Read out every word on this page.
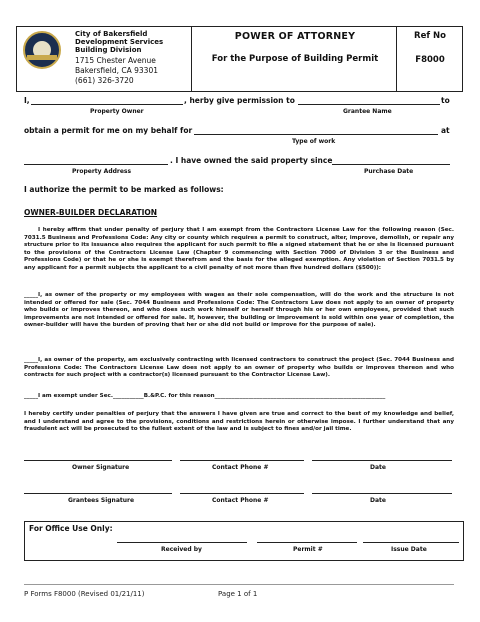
City of Bakersfield
Development Services
Building Division
1715 Chester Avenue
Bakersfield, CA 93301
(661) 326-3720
POWER OF ATTORNEY
For the Purpose of Building Permit
Ref No
F8000
I,	, herby give permission to	to
Property Owner	Grantee Name
obtain a permit for me on my behalf for	at
Type of work
. I have owned the said property since
Property Address	Purchase Date
I authorize the permit to be marked as follows:
OWNER-BUILDER DECLARATION
I hereby affirm that under penalty of perjury that I am exempt from the Contractors License Law for the following reason (Sec. 7031.5 Business and Professions Code: Any city or county which requires a permit to construct, alter, improve, demolish, or repair any structure prior to its issuance also requires the applicant for such permit to file a signed statement that he or she is licensed pursuant to the provisions of the Contractors License Law (Chapter 9 commencing with Section 7000 of Division 3 or the Business and Professions Code) or that he or she is exempt therefrom and the basis for the alleged exemption. Any violation of Section 7031.5 by any applicant for a permit subjects the applicant to a civil penalty of not more than five hundred dollars ($500)):
_____I, as owner of the property or my employees with wages as their sole compensation, will do the work and the structure is not intended or offered for sale (Sec. 7044 Business and Professions Code: The Contractors Law does not apply to an owner of property who builds or improves thereon, and who does such work himself or herself through his or her own employees, provided that such improvements are not intended or offered for sale. If, however, the building or improvement is sold within one year of completion, the owner-builder will have the burden of proving that her or she did not build or improve for the purpose of sale).
_____I, as owner of the property, am exclusively contracting with licensed contractors to construct the project (Sec. 7044 Business and Professions Code: The Contractors License Law does not apply to an owner of property who builds or improves thereon and who contracts for such project with a contractor(s) licensed pursuant to the Contractor License Law).
_____I am exempt under Sec.___________B.&P.C. for this reason_____________________________________________________________
I hereby certify under penalties of perjury that the answers I have given are true and correct to the best of my knowledge and belief, and I understand and agree to the provisions, conditions and restrictions herein or otherwise impose. I further understand that any fraudulent act will be prosecuted to the fullest extent of the law and is subject to fines and/or jail time.
Owner Signature	Contact Phone #	Date
Grantees Signature	Contact Phone #	Date
For Office Use Only:
Received by	Permit #	Issue Date
P Forms F8000 (Revised 01/21/11)	Page 1 of 1
